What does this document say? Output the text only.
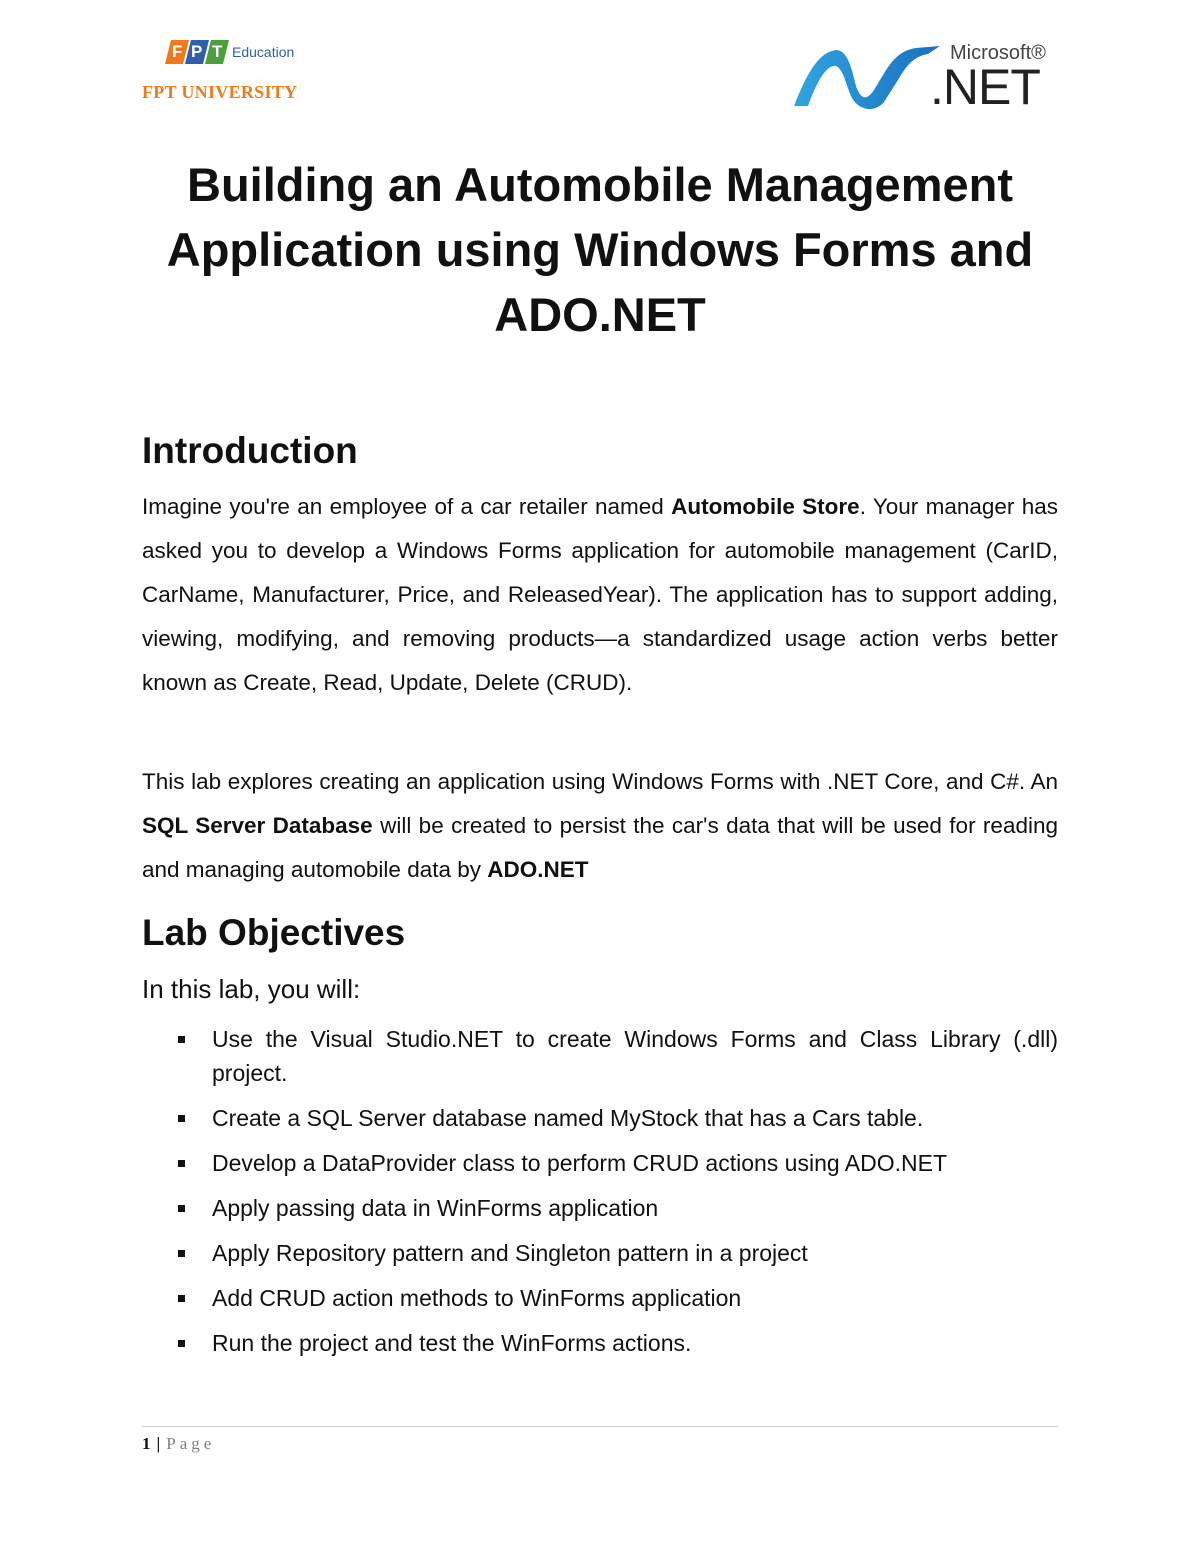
F P T Education
FPT UNIVERSITY
Microsoft®
.NET
Building an Automobile Management
Application using Windows Forms and
ADO.NET
Introduction

Imagine you're an employee of a car retailer named Automobile Store. Your manager has asked you to develop a Windows Forms application for automobile management (CarID, CarName, Manufacturer, Price, and ReleasedYear). The application has to support adding, viewing, modifying, and removing products—a standardized usage action verbs better known as Create, Read, Update, Delete (CRUD).

This lab explores creating an application using Windows Forms with .NET Core, and C#. An SQL Server Database will be created to persist the car's data that will be used for reading and managing automobile data by ADO.NET

Lab Objectives

In this lab, you will:

Use the Visual Studio.NET to create Windows Forms and Class Library (.dll) project.
Create a SQL Server database named MyStock that has a Cars table.
Develop a DataProvider class to perform CRUD actions using ADO.NET
Apply passing data in WinForms application
Apply Repository pattern and Singleton pattern in a project
Add CRUD action methods to WinForms application
Run the project and test the WinForms actions.
1 | Page
